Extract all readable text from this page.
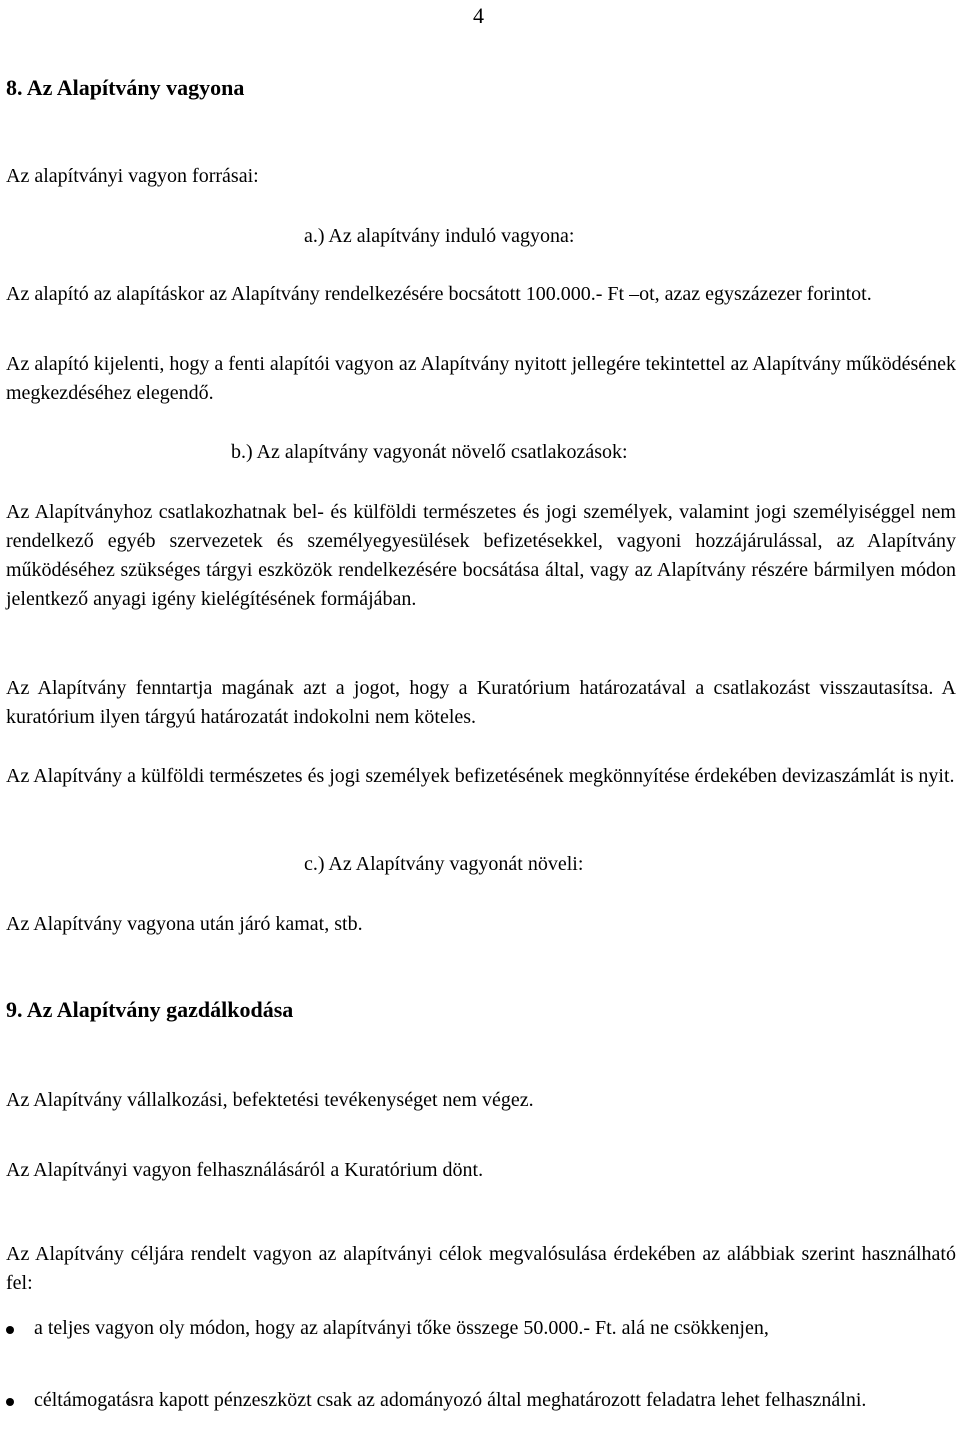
4
8. Az Alapítvány vagyona

Az alapítványi vagyon forrásai:

a.) Az alapítvány induló vagyona:

Az alapító az alapításkor az Alapítvány rendelkezésére bocsátott 100.000.- Ft –ot, azaz egyszázezer forintot.

Az alapító kijelenti, hogy a fenti alapítói vagyon az Alapítvány nyitott jellegére tekintettel az Alapítvány működésének megkezdéséhez elegendő.

b.) Az alapítvány vagyonát növelő csatlakozások:

Az Alapítványhoz csatlakozhatnak bel- és külföldi természetes és jogi személyek, valamint jogi személyiséggel nem rendelkező egyéb szervezetek és személyegyesülések befizetésekkel, vagyoni hozzájárulással, az Alapítvány működéséhez szükséges tárgyi eszközök rendelkezésére bocsátása által, vagy az Alapítvány részére bármilyen módon jelentkező anyagi igény kielégítésének formájában.

Az Alapítvány fenntartja magának azt a jogot, hogy a Kuratórium határozatával a csatlakozást visszautasítsa. A kuratórium ilyen tárgyú határozatát indokolni nem köteles.

Az Alapítvány a külföldi természetes és jogi személyek befizetésének megkönnyítése érdekében devizaszámlát is nyit.

c.) Az Alapítvány vagyonát növeli:

Az Alapítvány vagyona után járó kamat, stb.

9. Az Alapítvány gazdálkodása

Az Alapítvány vállalkozási, befektetési tevékenységet nem végez.

Az Alapítványi vagyon felhasználásáról a Kuratórium dönt.

Az Alapítvány céljára rendelt vagyon az alapítványi célok megvalósulása érdekében az alábbiak szerint használható fel:

a teljes vagyon oly módon, hogy az alapítványi tőke összege 50.000.- Ft. alá ne csökkenjen,

céltámogatásra kapott pénzeszközt csak az adományozó által meghatározott feladatra lehet felhasználni.
